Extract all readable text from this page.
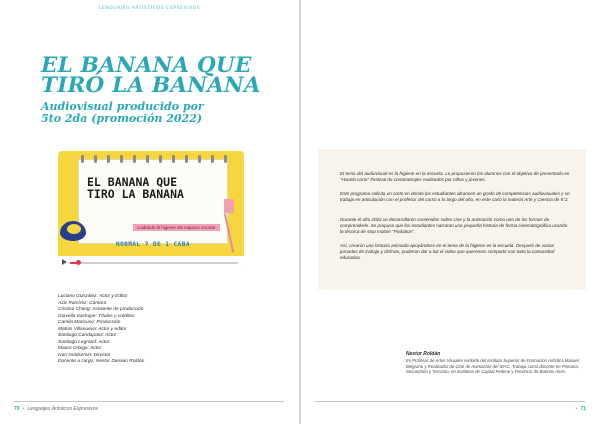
LENGUAJES ARTÍSTICOS EXPRESIVOS
EL BANANA QUE
TIRÓ LA BANANA
Audiovisual producido por
5to 2da (promoción 2022)
EL BANANA QUE
TIRO LA BANANA
cuidando la higiene del espacio escolar
NORMAL 7 DE 1 CABA
Luciano González: Actor y Editor
Aziz Ramírez: Cámara
Cristina Chang: Asistente de producción
Giavella Sachupe: Títulos y créditos
Camila Mancuso: Producción
Matías Villanueva: Actor y editor
Santiago Candapaez: Actor
Santiago Legrand: Actor
Mauro Ortega: Actor
Ivan Goldszmin: Director
Docente a cargo: Nestor Damian Roldán
70 • Lenguajes Artísticos Expresivos

El tema del audiovisual es la higiene en la escuela. Lo propusieron los alumnos con el objetivo de presentarlo en "Hacelo corto" Festival de cortometrajes realizados por niños y jóvenes.

Este programa solicita un corto en donde los estudiantes alcancen un grado de competencias audiovisuales y se trabaja en articulación con el profesor del curso a lo largo del año, en este caso la materia Arte y Ciencia de 5°2.

Durante el año 2022 se desarrollaron contenidos sobre cine y la animación como uno de los formas de comprenderlo. Se propuso que los estudiantes narraran una pequeña historia de forma cinematográfica usando la técnica de stop motion "Pixilation".

Así, crearon una historia animada apoyándose en el tema de la higiene en la escuela. Después de varias jornadas de trabajo y disfrute, pudieron dar a luz el video que queremos compartir con toda la comunidad educativa.

Nestor Roldán
Es Profesor de Artes Visuales recibido del instituto Superior de Formación Artística Manuel Belgrano y Realizador de Cine de Animación del IDAC. Trabaja como docente en Primaria, Secundario y Terciario, en institutos de Capital Federal y Provincia de Buenos Aires.
• 71
